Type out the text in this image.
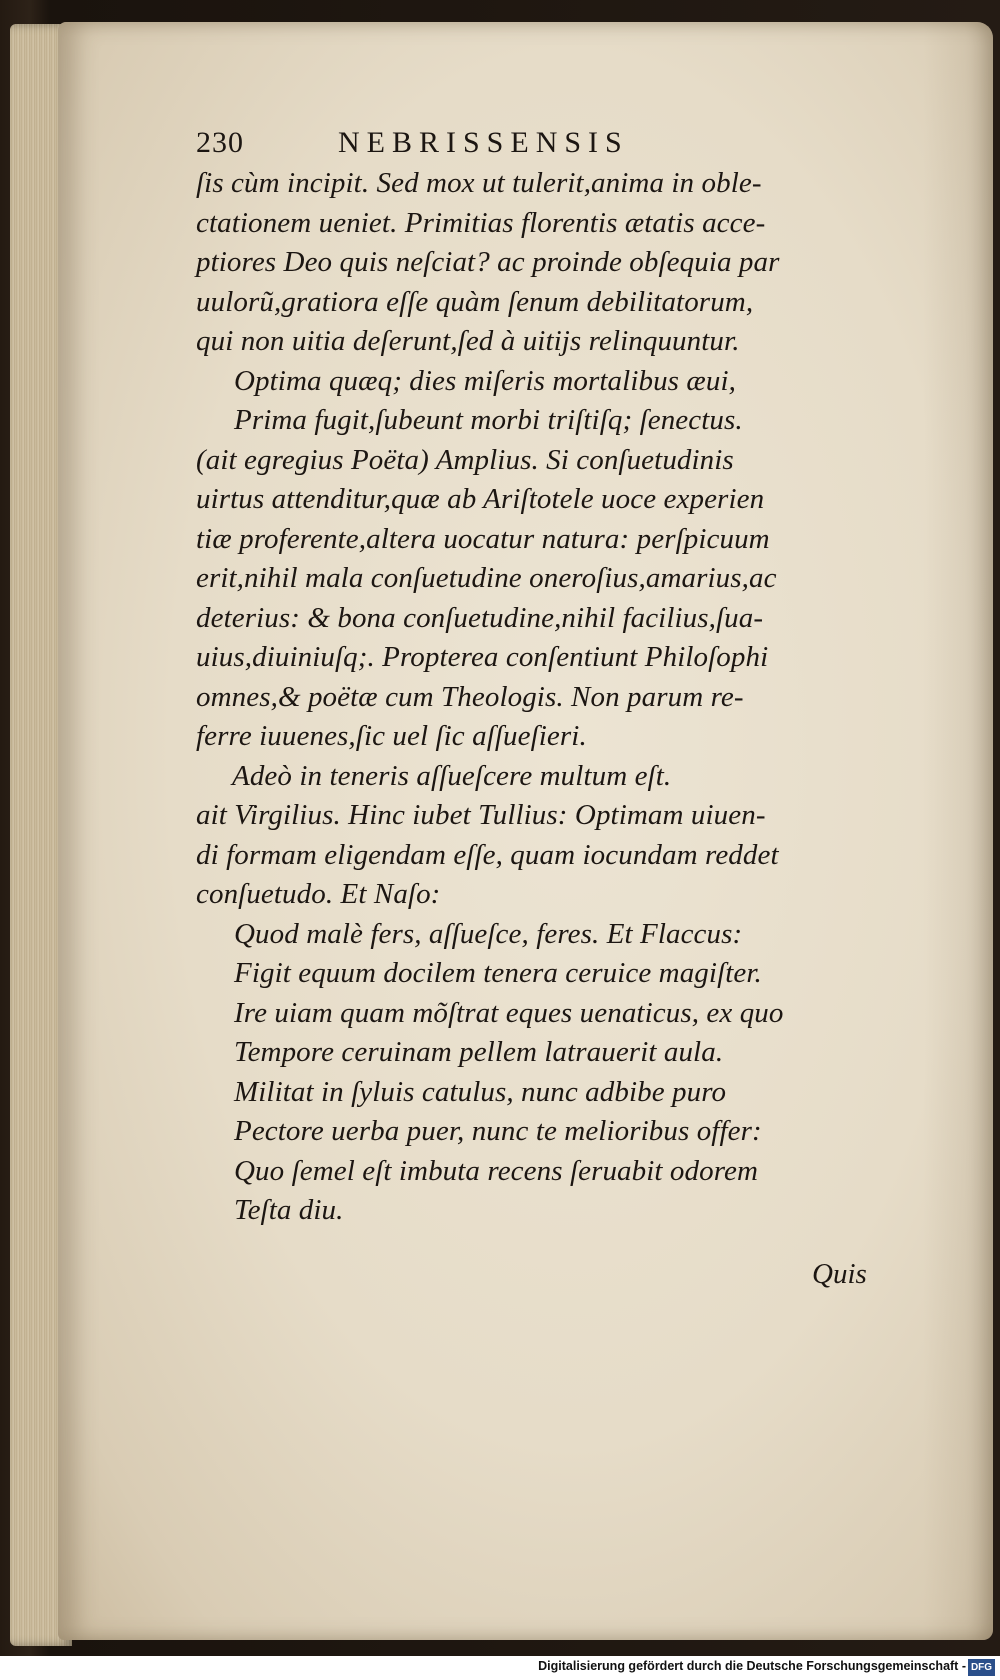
230	NEBRISSENSIS
ſis cùm incipit. Sed mox ut tulerit,anima in oble-
ctationem ueniet. Primitias florentis ætatis acce-
ptiores Deo quis neſciat? ac proinde obſequia par
uulorũ,gratiora eſſe quàm ſenum debilitatorum,
qui non uitia deſerunt,ſed à uitijs relinquuntur.
Optima quæq; dies miſeris mortalibus æui,
Prima fugit,ſubeunt morbi triſtiſq; ſenectus.
(ait egregius Poëta) Amplius. Si conſuetudinis
uirtus attenditur,quæ ab Ariſtotele uoce experien
tiæ proferente,altera uocatur natura: perſpicuum
erit,nihil mala conſuetudine oneroſius,amarius,ac
deterius: & bona conſuetudine,nihil facilius,ſua-
uius,diuiniuſq;. Propterea conſentiunt Philoſophi
omnes,& poëtæ cum Theologis. Non parum re-
ferre iuuenes,ſic uel ſic aſſueſieri.
Adeò in teneris aſſueſcere multum eſt.
ait Virgilius. Hinc iubet Tullius: Optimam uiuen-
di formam eligendam eſſe, quam iocundam reddet
conſuetudo. Et Naſo:
Quod malè fers, aſſueſce, feres. Et Flaccus:
Figit equum docilem tenera ceruice magiſter.
Ire uiam quam mõſtrat eques uenaticus, ex quo
Tempore ceruinam pellem latrauerit aula.
Militat in ſyluis catulus, nunc adbibe puro
Pectore uerba puer, nunc te melioribus offer:
Quo ſemel eſt imbuta recens ſeruabit odorem
Teſta diu.
Quis
Digitalisierung gefördert durch die Deutsche Forschungsgemeinschaft - DFG
